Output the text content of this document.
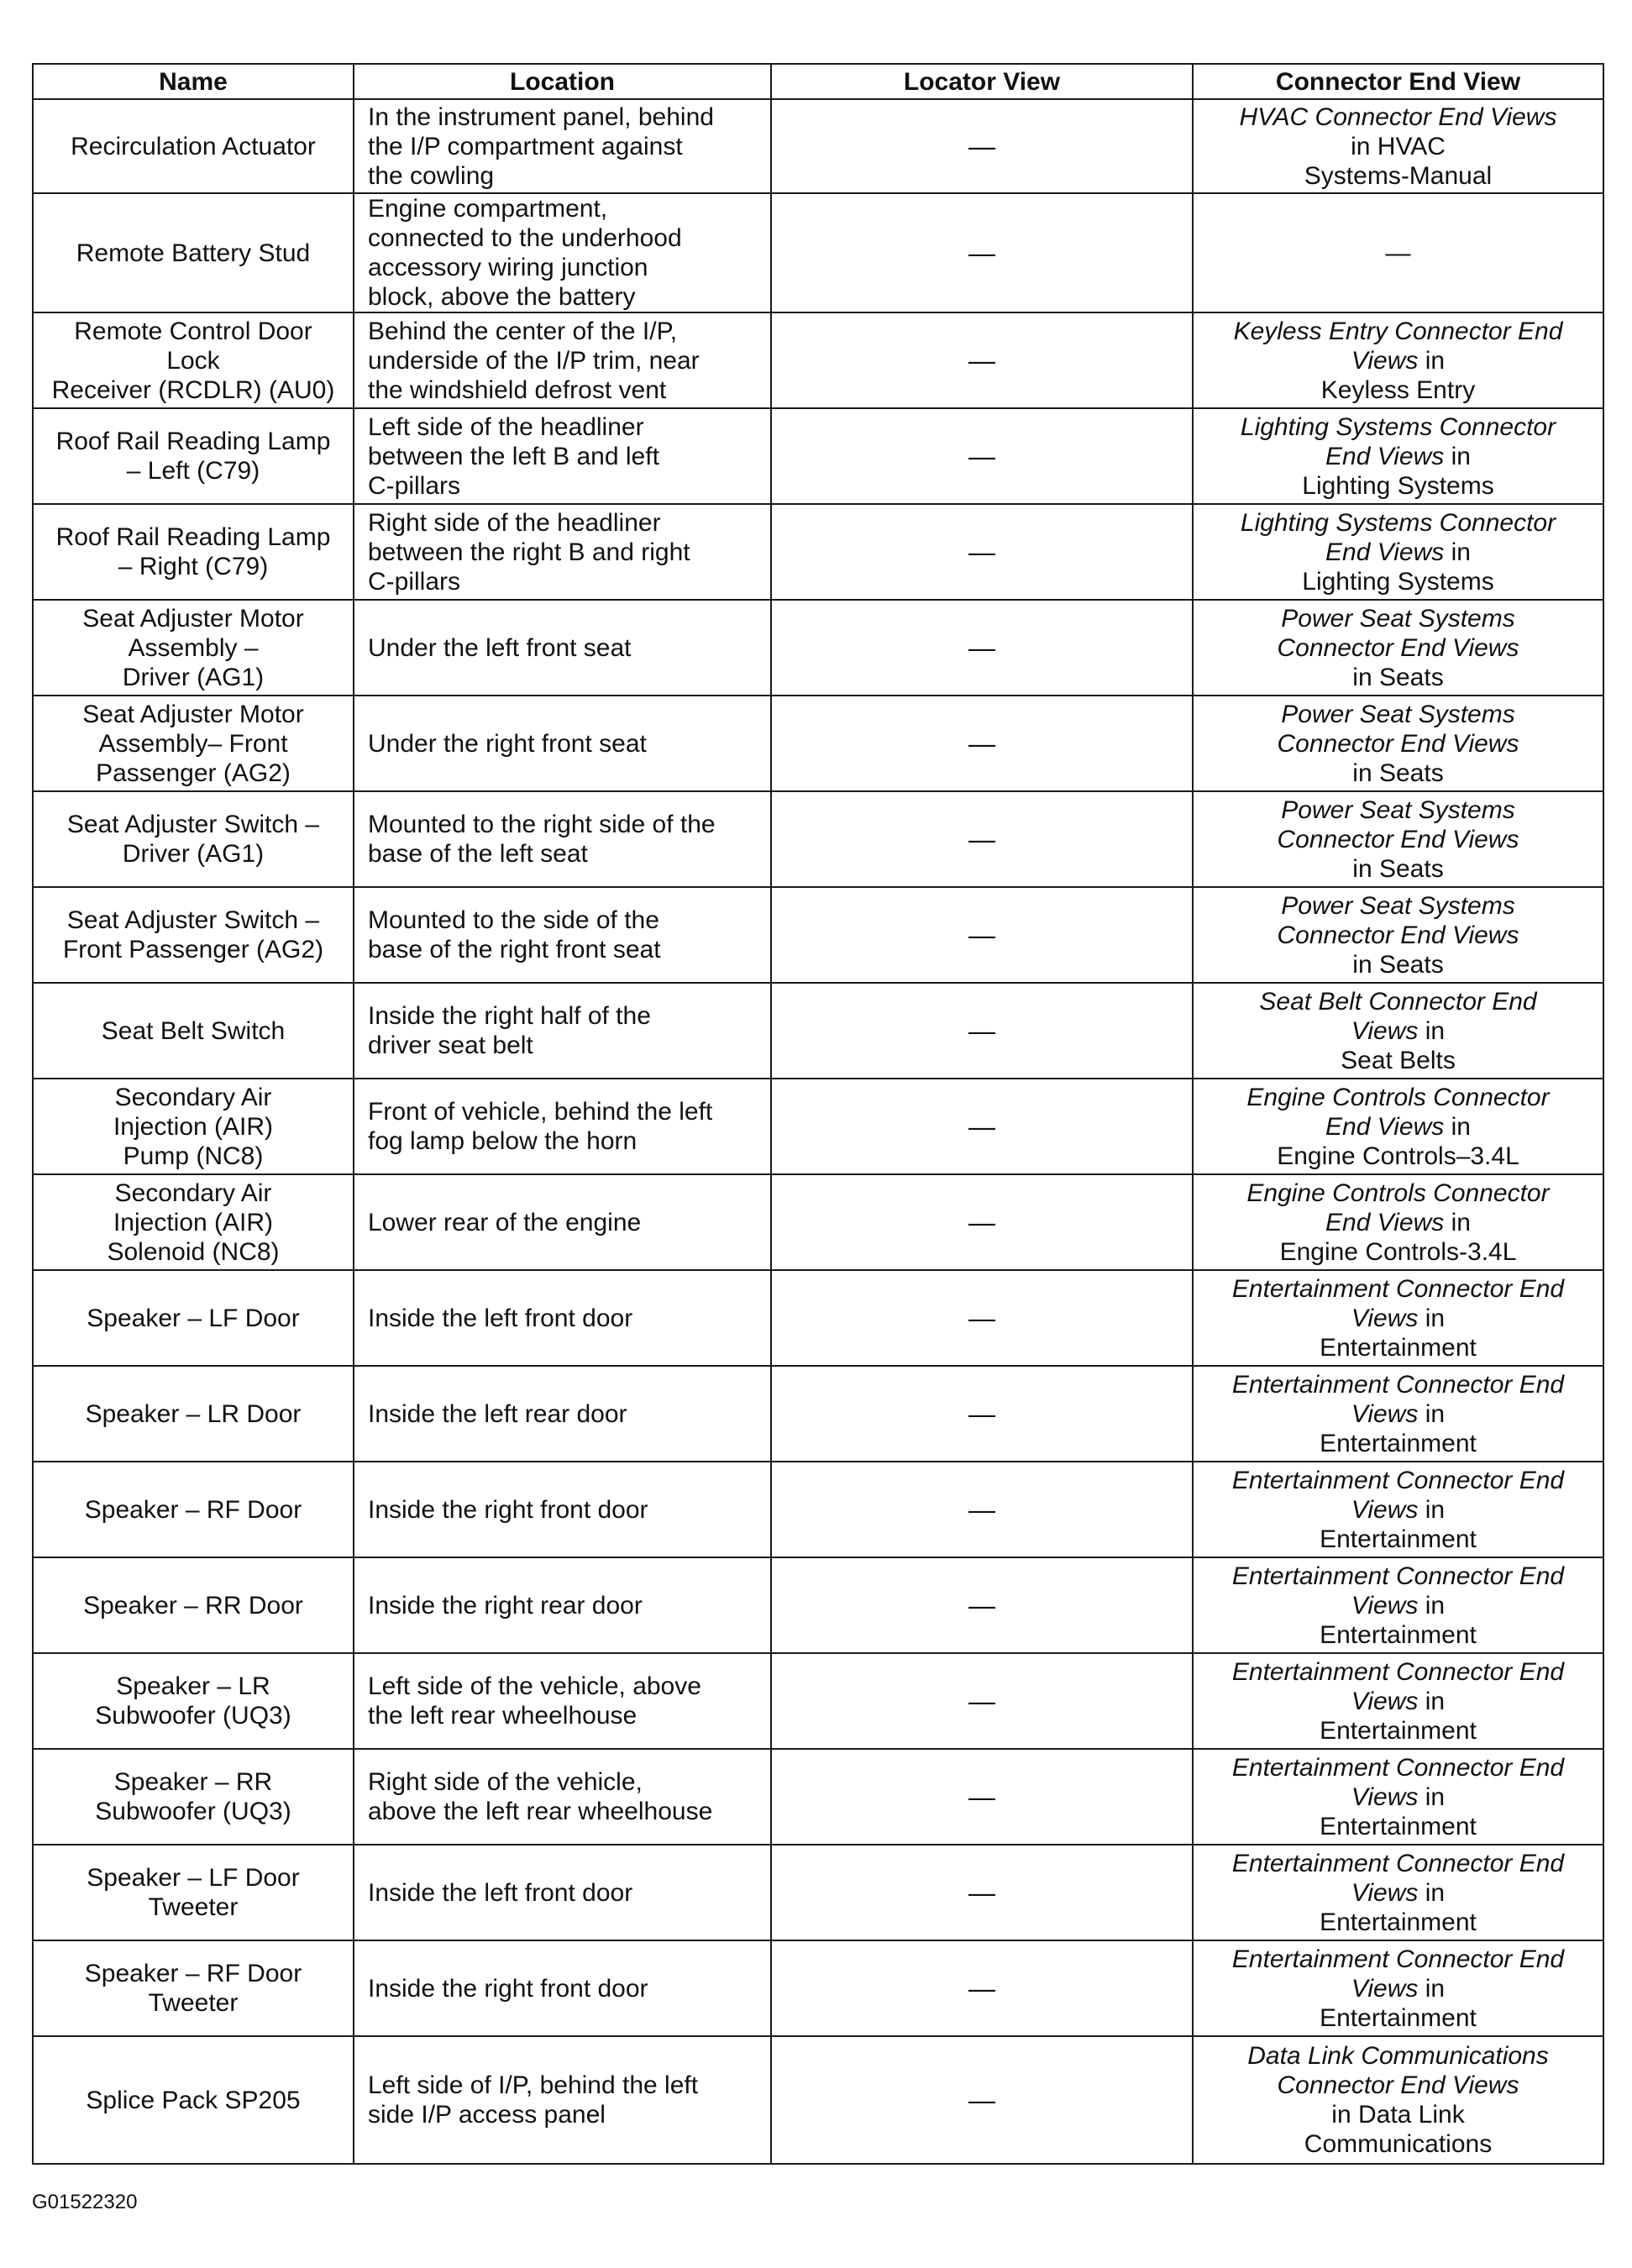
Name	Location	Locator View	Connector End View

Recirculation Actuator	In the instrument panel, behind
the I/P compartment against
the cowling	—	HVAC Connector End Views
in HVAC
Systems-Manual

Remote Battery Stud	Engine compartment,
connected to the underhood
accessory wiring junction
block, above the battery	—	—

Remote Control Door
Lock
Receiver (RCDLR) (AU0)	Behind the center of the I/P,
underside of the I/P trim, near
the windshield defrost vent	—	Keyless Entry Connector End
Views in
Keyless Entry

Roof Rail Reading Lamp
– Left (C79)	Left side of the headliner
between the left B and left
C-pillars	—	Lighting Systems Connector
End Views in
Lighting Systems

Roof Rail Reading Lamp
– Right (C79)	Right side of the headliner
between the right B and right
C-pillars	—	Lighting Systems Connector
End Views in
Lighting Systems

Seat Adjuster Motor
Assembly –
Driver (AG1)	Under the left front seat	—	Power Seat Systems
Connector End Views
in Seats

Seat Adjuster Motor
Assembly– Front
Passenger (AG2)	Under the right front seat	—	Power Seat Systems
Connector End Views
in Seats

Seat Adjuster Switch –
Driver (AG1)	Mounted to the right side of the
base of the left seat	—	Power Seat Systems
Connector End Views
in Seats

Seat Adjuster Switch –
Front Passenger (AG2)	Mounted to the side of the
base of the right front seat	—	Power Seat Systems
Connector End Views
in Seats

Seat Belt Switch	Inside the right half of the
driver seat belt	—	Seat Belt Connector End
Views in
Seat Belts

Secondary Air
Injection (AIR)
Pump (NC8)	Front of vehicle, behind the left
fog lamp below the horn	—	Engine Controls Connector
End Views in
Engine Controls–3.4L

Secondary Air
Injection (AIR)
Solenoid (NC8)	Lower rear of the engine	—	Engine Controls Connector
End Views in
Engine Controls-3.4L

Speaker – LF Door	Inside the left front door	—	Entertainment Connector End
Views in
Entertainment

Speaker – LR Door	Inside the left rear door	—	Entertainment Connector End
Views in
Entertainment

Speaker – RF Door	Inside the right front door	—	Entertainment Connector End
Views in
Entertainment

Speaker – RR Door	Inside the right rear door	—	Entertainment Connector End
Views in
Entertainment

Speaker – LR
Subwoofer (UQ3)	Left side of the vehicle, above
the left rear wheelhouse	—	Entertainment Connector End
Views in
Entertainment

Speaker – RR
Subwoofer (UQ3)	Right side of the vehicle,
above the left rear wheelhouse	—	Entertainment Connector End
Views in
Entertainment

Speaker – LF Door
Tweeter	Inside the left front door	—	Entertainment Connector End
Views in
Entertainment

Speaker – RF Door
Tweeter	Inside the right front door	—	Entertainment Connector End
Views in
Entertainment

Splice Pack SP205	Left side of I/P, behind the left
side I/P access panel	—	Data Link Communications
Connector End Views
in Data Link
Communications
G01522320
